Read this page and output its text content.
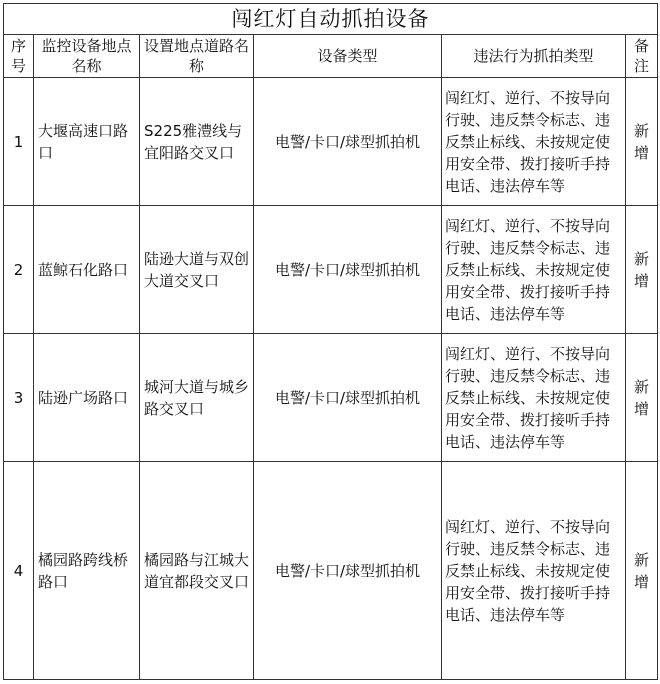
闯红灯自动抓拍设备					
序号	监控设备地点名称	设置地点道路名称	设备类型	违法行为抓拍类型	备注
1	大堰高速口路口	S225雅澧线与宜阳路交叉口	电警/卡口/球型抓拍机	闯红灯、逆行、不按导向行驶、违反禁令标志、违反禁止标线、未按规定使用安全带、拨打接听手持电话、违法停车等	新增
2	蓝鲸石化路口	陆逊大道与双创大道交叉口	电警/卡口/球型抓拍机	闯红灯、逆行、不按导向行驶、违反禁令标志、违反禁止标线、未按规定使用安全带、拨打接听手持电话、违法停车等	新增
3	陆逊广场路口	城河大道与城乡路交叉口	电警/卡口/球型抓拍机	闯红灯、逆行、不按导向行驶、违反禁令标志、违反禁止标线、未按规定使用安全带、拨打接听手持电话、违法停车等	新增
4	橘园路跨线桥路口	橘园路与江城大道宜都段交叉口	电警/卡口/球型抓拍机	闯红灯、逆行、不按导向行驶、违反禁令标志、违反禁止标线、未按规定使用安全带、拨打接听手持电话、违法停车等	新增
